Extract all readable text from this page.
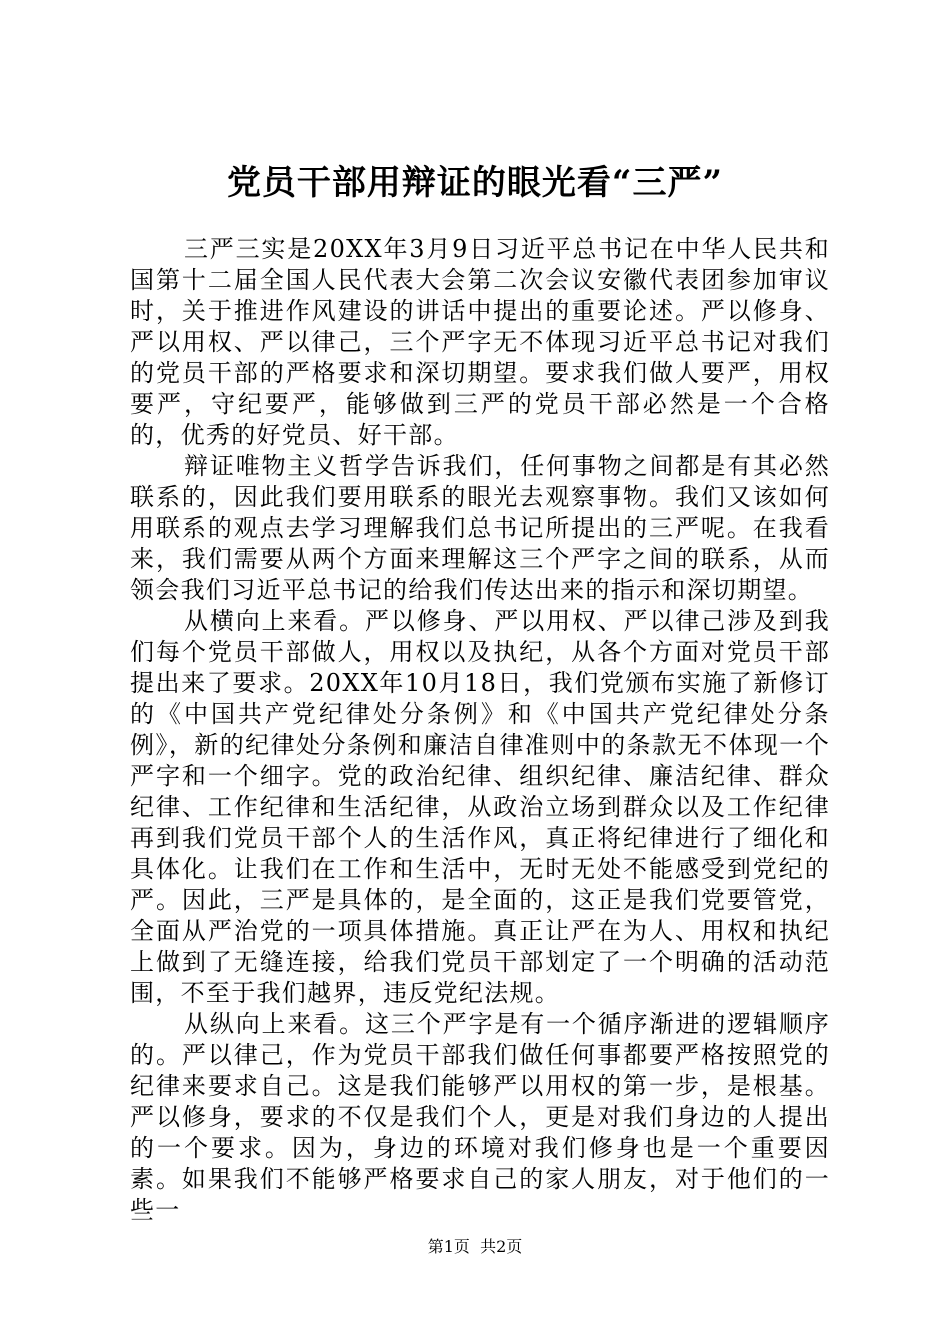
党员干部用辩证的眼光看“三严”

三严三实是20XX年3月9日习近平总书记在中华人民共和国第十二届全国人民代表大会第二次会议安徽代表团参加审议时，关于推进作风建设的讲话中提出的重要论述。严以修身、严以用权、严以律己，三个严字无不体现习近平总书记对我们的党员干部的严格要求和深切期望。要求我们做人要严，用权要严，守纪要严，能够做到三严的党员干部必然是一个合格的，优秀的好党员、好干部。

辩证唯物主义哲学告诉我们，任何事物之间都是有其必然联系的，因此我们要用联系的眼光去观察事物。我们又该如何用联系的观点去学习理解我们总书记所提出的三严呢。在我看来，我们需要从两个方面来理解这三个严字之间的联系，从而领会我们习近平总书记的给我们传达出来的指示和深切期望。

从横向上来看。严以修身、严以用权、严以律己涉及到我们每个党员干部做人，用权以及执纪，从各个方面对党员干部提出来了要求。20XX年10月18日，我们党颁布实施了新修订的《中国共产党纪律处分条例》和《中国共产党纪律处分条例》，新的纪律处分条例和廉洁自律准则中的条款无不体现一个严字和一个细字。党的政治纪律、组织纪律、廉洁纪律、群众纪律、工作纪律和生活纪律，从政治立场到群众以及工作纪律再到我们党员干部个人的生活作风，真正将纪律进行了细化和具体化。让我们在工作和生活中，无时无处不能感受到党纪的严。因此，三严是具体的，是全面的，这正是我们党要管党，全面从严治党的一项具体措施。真正让严在为人、用权和执纪上做到了无缝连接，给我们党员干部划定了一个明确的活动范围，不至于我们越界，违反党纪法规。

从纵向上来看。这三个严字是有一个循序渐进的逻辑顺序的。严以律己，作为党员干部我们做任何事都要严格按照党的纪律来要求自己。这是我们能够严以用权的第一步，是根基。严以修身，要求的不仅是我们个人，更是对我们身边的人提出的一个要求。因为，身边的环境对我们修身也是一个重要因素。如果我们不能够严格要求自己的家人朋友，对于他们的一些一

第1页 共2页
